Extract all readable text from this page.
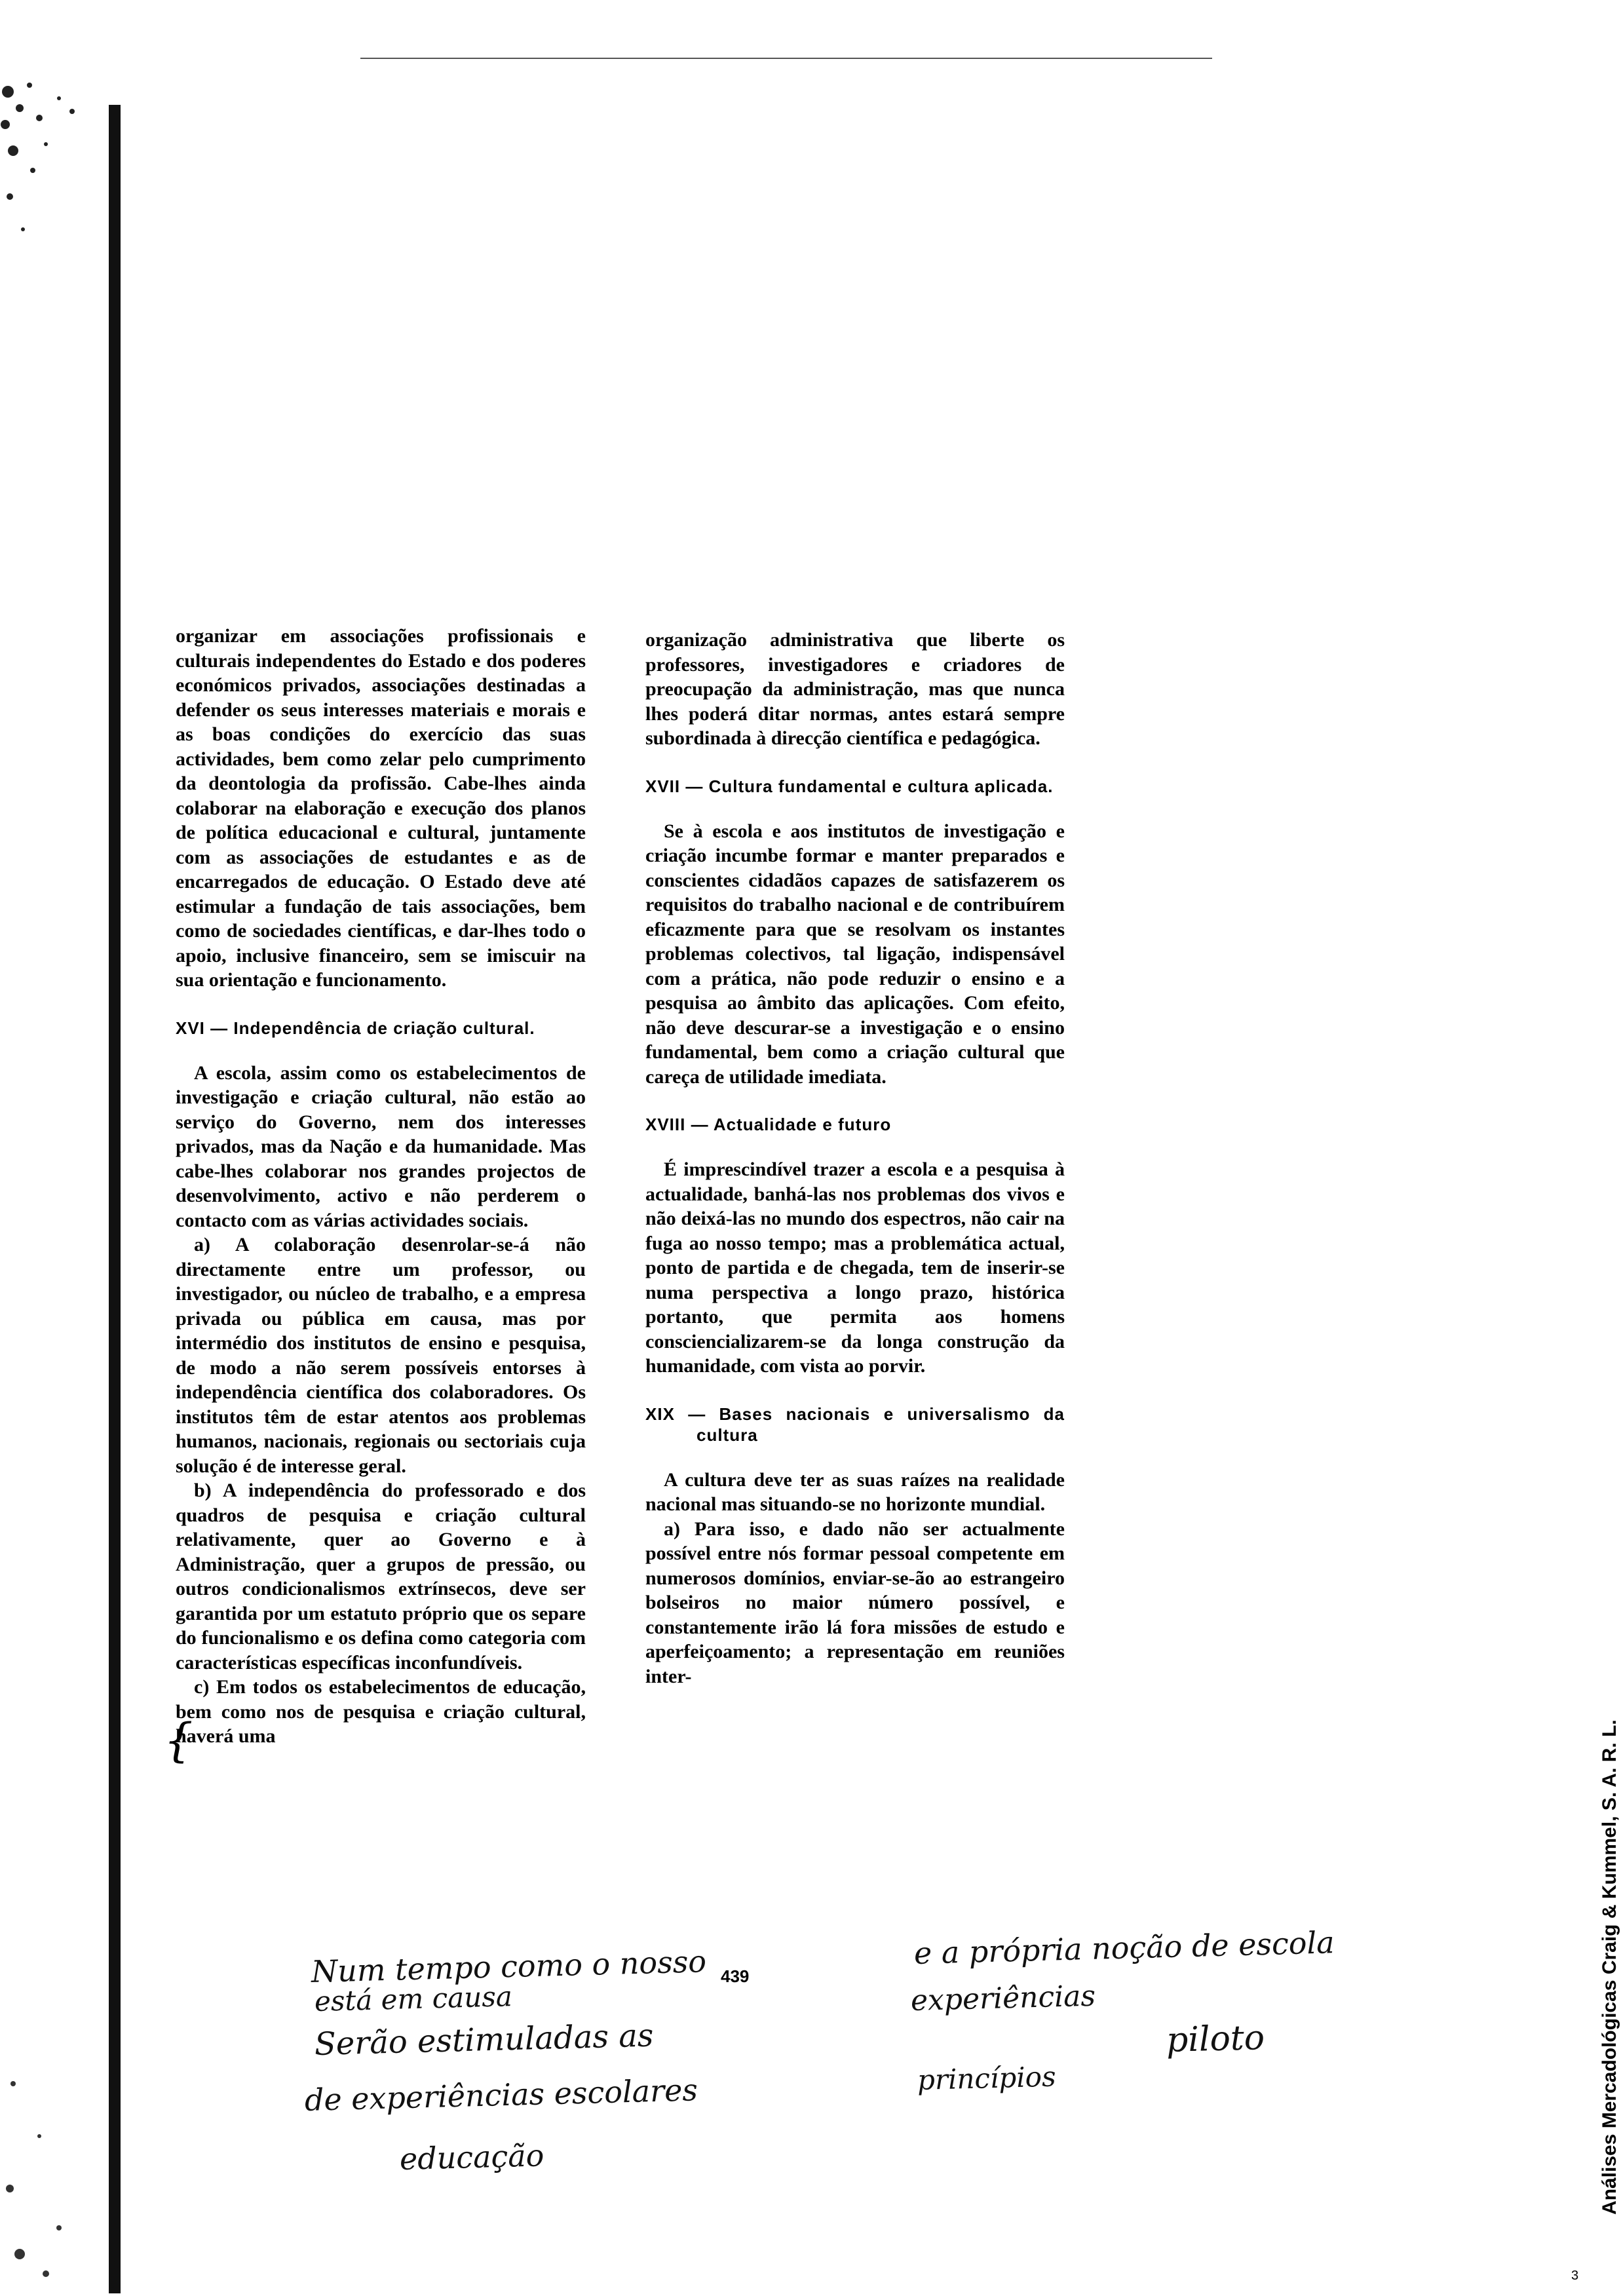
organizar em associações profissionais e culturais independentes do Estado e dos poderes económicos privados, associações destinadas a defender os seus interesses materiais e morais e as boas condições do exercício das suas actividades, bem como zelar pelo cumprimento da deontologia da profissão. Cabe-lhes ainda colaborar na elaboração e execução dos planos de política educacional e cultural, juntamente com as associações de estudantes e as de encarregados de educação. O Estado deve até estimular a fundação de tais associações, bem como de sociedades científicas, e dar-lhes todo o apoio, inclusive financeiro, sem se imiscuir na sua orientação e funcionamento.

XVI — Independência de criação cultural.

A escola, assim como os estabelecimentos de investigação e criação cultural, não estão ao serviço do Governo, nem dos interesses privados, mas da Nação e da humanidade. Mas cabe-lhes colaborar nos grandes projectos de desenvolvimento, activo e não perderem o contacto com as várias actividades sociais.

a) A colaboração desenrolar-se-á não directamente entre um professor, ou investigador, ou núcleo de trabalho, e a empresa privada ou pública em causa, mas por intermédio dos institutos de ensino e pesquisa, de modo a não serem possíveis entorses à independência científica dos colaboradores. Os institutos têm de estar atentos aos problemas humanos, nacionais, regionais ou sectoriais cuja solução é de interesse geral.

b) A independência do professorado e dos quadros de pesquisa e criação cultural relativamente, quer ao Governo e à Administração, quer a grupos de pressão, ou outros condicionalismos extrínsecos, deve ser garantida por um estatuto próprio que os separe do funcionalismo e os defina como categoria com características específicas inconfundíveis.

c) Em todos os estabelecimentos de educação, bem como nos de pesquisa e criação cultural, haverá uma

organização administrativa que liberte os professores, investigadores e criadores de preocupação da administração, mas que nunca lhes poderá ditar normas, antes estará sempre subordinada à direcção científica e pedagógica.

XVII — Cultura fundamental e cultura aplicada.

Se à escola e aos institutos de investigação e criação incumbe formar e manter preparados e conscientes cidadãos capazes de satisfazerem os requisitos do trabalho nacional e de contribuírem eficazmente para que se resolvam os instantes problemas colectivos, tal ligação, indispensável com a prática, não pode reduzir o ensino e a pesquisa ao âmbito das aplicações. Com efeito, não deve descurar-se a investigação e o ensino fundamental, bem como a criação cultural que careça de utilidade imediata.

XVIII — Actualidade e futuro

É imprescindível trazer a escola e a pesquisa à actualidade, banhá-las nos problemas dos vivos e não deixá-las no mundo dos espectros, não cair na fuga ao nosso tempo; mas a problemática actual, ponto de partida e de chegada, tem de inserir-se numa perspectiva a longo prazo, histórica portanto, que permita aos homens consciencializarem-se da longa construção da humanidade, com vista ao porvir.

XIX — Bases nacionais e universalismo da cultura

A cultura deve ter as suas raízes na realidade nacional mas situando-se no horizonte mundial.

a) Para isso, e dado não ser actualmente possível entre nós formar pessoal competente em numerosos domínios, enviar-se-ão ao estrangeiro bolseiros no maior número possível, e constantemente irão lá fora missões de estudo e aperfeiçoamento; a representação em reuniões inter-

{
439
Num tempo como o nosso
está em causa
e a própria noção de escola
experiências
Serão estimuladas as	piloto
de experiências escolares	princípios
educação	Análises Mercadológicas Craig & Kummel, S. A. R. L.
3
